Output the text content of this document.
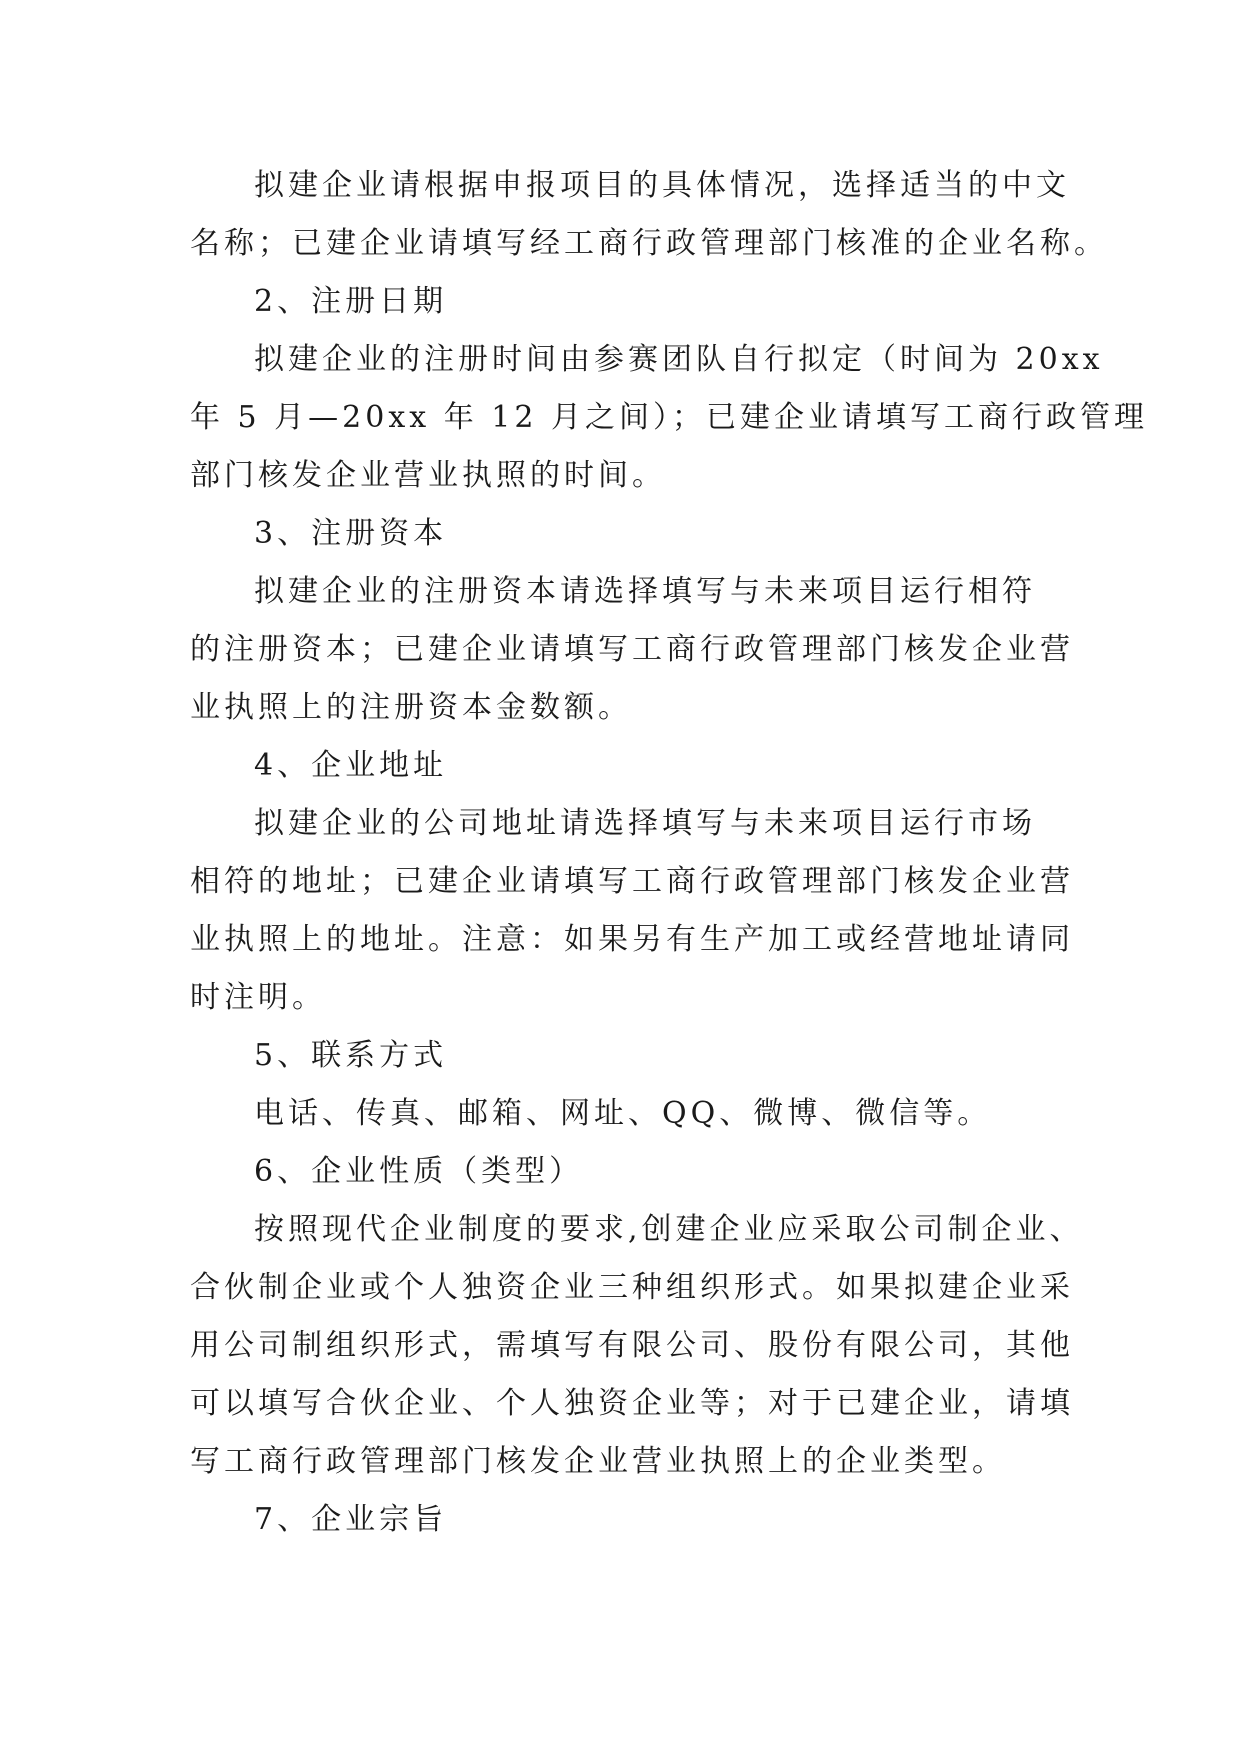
拟建企业请根据申报项目的具体情况，选择适当的中文
名称；已建企业请填写经工商行政管理部门核准的企业名称。
2、注册日期
拟建企业的注册时间由参赛团队自行拟定（时间为 20xx
年 5 月—20xx 年 12 月之间）；已建企业请填写工商行政管理
部门核发企业营业执照的时间。
3、注册资本
拟建企业的注册资本请选择填写与未来项目运行相符
的注册资本；已建企业请填写工商行政管理部门核发企业营
业执照上的注册资本金数额。
4、企业地址
拟建企业的公司地址请选择填写与未来项目运行市场
相符的地址；已建企业请填写工商行政管理部门核发企业营
业执照上的地址。注意：如果另有生产加工或经营地址请同
时注明。
5、联系方式
电话、传真、邮箱、网址、QQ、微博、微信等。
6、企业性质（类型）
按照现代企业制度的要求,创建企业应采取公司制企业、
合伙制企业或个人独资企业三种组织形式。如果拟建企业采
用公司制组织形式，需填写有限公司、股份有限公司，其他
可以填写合伙企业、个人独资企业等；对于已建企业，请填
写工商行政管理部门核发企业营业执照上的企业类型。
7、企业宗旨
